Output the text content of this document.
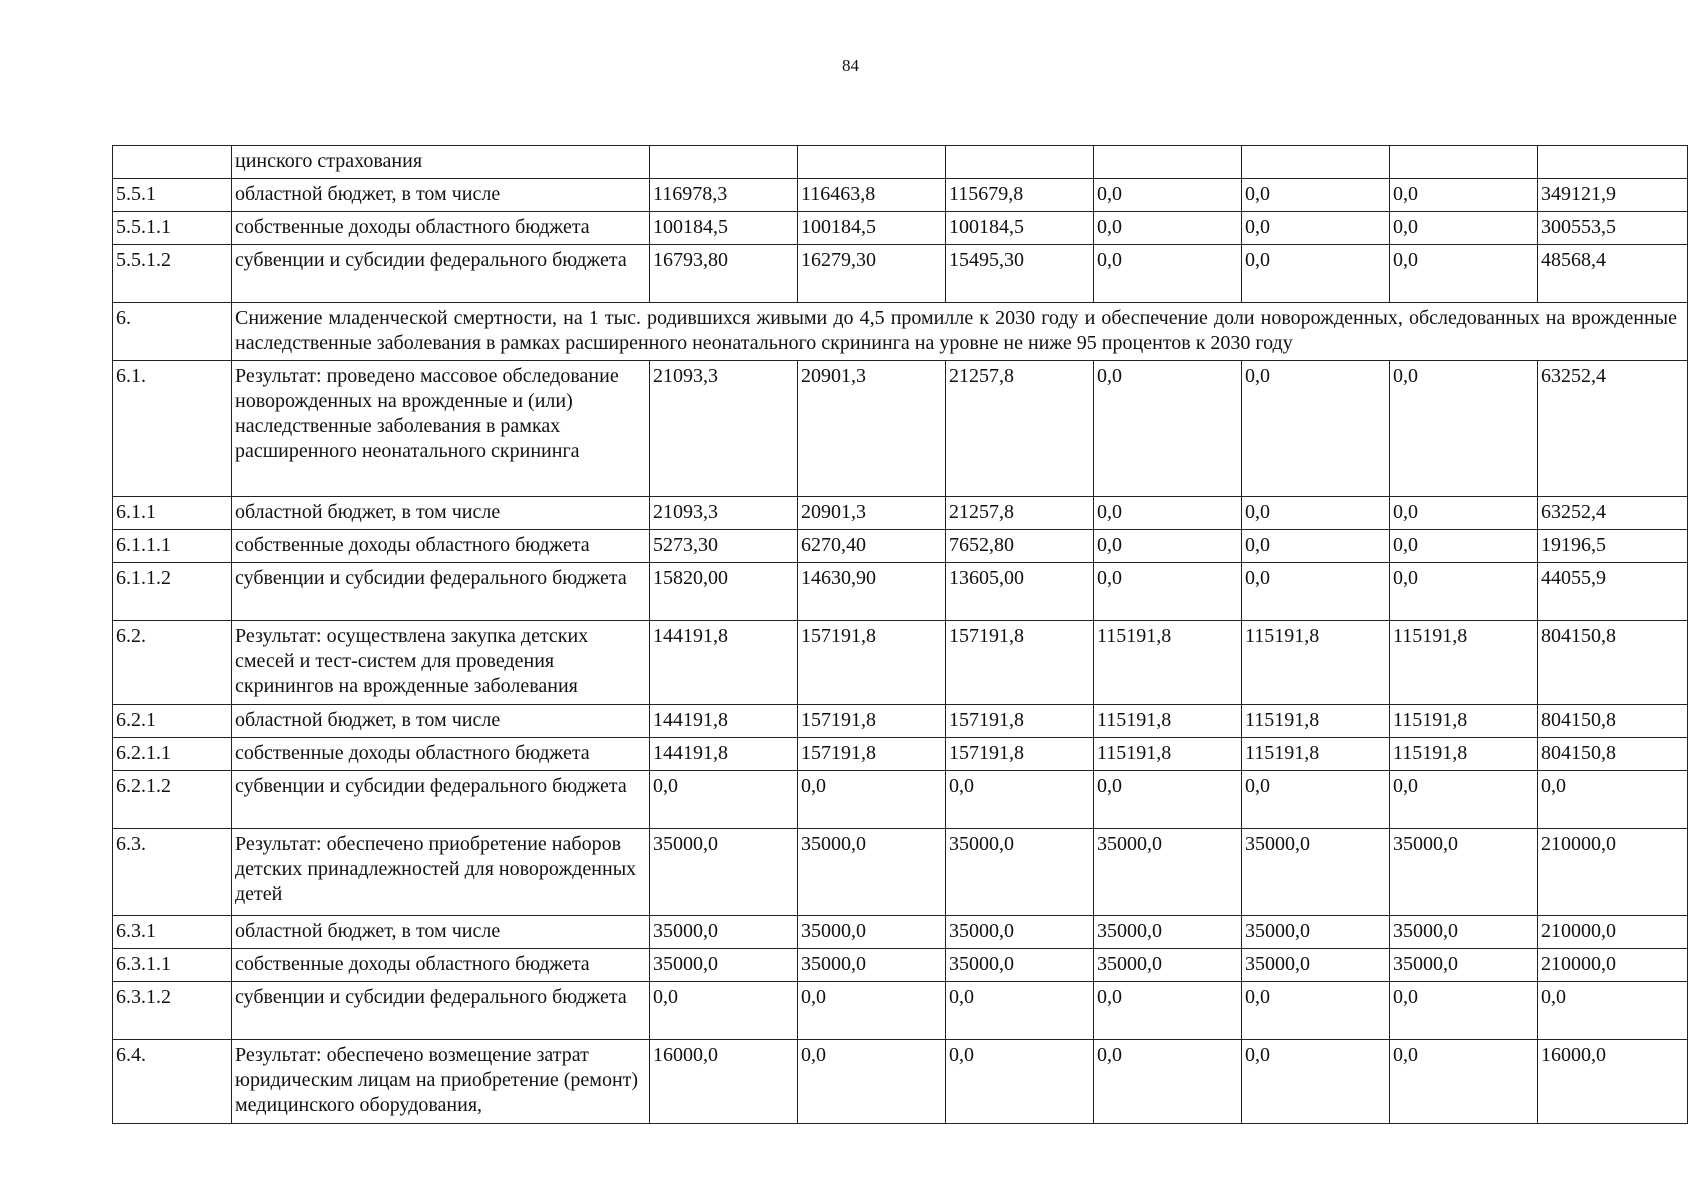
84
	цинского страхования							
5.5.1	областной бюджет, в том числе	116978,3	116463,8	115679,8	0,0	0,0	0,0	349121,9
5.5.1.1	собственные доходы областного бюджета	100184,5	100184,5	100184,5	0,0	0,0	0,0	300553,5
5.5.1.2	субвенции и субсидии федерального бюджета	16793,80	16279,30	15495,30	0,0	0,0	0,0	48568,4
6.	Снижение младенческой смертности, на 1 тыс. родившихся живыми до 4,5 промилле к 2030 году и обеспечение доли новорожденных, обследованных на врожденные наследственные заболевания в рамках расширенного неонатального скрининга на уровне не ниже 95 процентов к 2030 году							
6.1.	Результат: проведено массовое обследование новорожденных на врожденные и (или) наследственные заболевания в рамках расширенного неонатального скрининга	21093,3	20901,3	21257,8	0,0	0,0	0,0	63252,4
6.1.1	областной бюджет, в том числе	21093,3	20901,3	21257,8	0,0	0,0	0,0	63252,4
6.1.1.1	собственные доходы областного бюджета	5273,30	6270,40	7652,80	0,0	0,0	0,0	19196,5
6.1.1.2	субвенции и субсидии федерального бюджета	15820,00	14630,90	13605,00	0,0	0,0	0,0	44055,9
6.2.	Результат: осуществлена закупка детских смесей и тест-систем для проведения скринингов на врожденные заболевания	144191,8	157191,8	157191,8	115191,8	115191,8	115191,8	804150,8
6.2.1	областной бюджет, в том числе	144191,8	157191,8	157191,8	115191,8	115191,8	115191,8	804150,8
6.2.1.1	собственные доходы областного бюджета	144191,8	157191,8	157191,8	115191,8	115191,8	115191,8	804150,8
6.2.1.2	субвенции и субсидии федерального бюджета	0,0	0,0	0,0	0,0	0,0	0,0	0,0
6.3.	Результат: обеспечено приобретение наборов детских принадлежностей для новорожденных детей	35000,0	35000,0	35000,0	35000,0	35000,0	35000,0	210000,0
6.3.1	областной бюджет, в том числе	35000,0	35000,0	35000,0	35000,0	35000,0	35000,0	210000,0
6.3.1.1	собственные доходы областного бюджета	35000,0	35000,0	35000,0	35000,0	35000,0	35000,0	210000,0
6.3.1.2	субвенции и субсидии федерального бюджета	0,0	0,0	0,0	0,0	0,0	0,0	0,0
6.4.	Результат: обеспечено возмещение затрат юридическим лицам на приобретение (ремонт) медицинского оборудования,	16000,0	0,0	0,0	0,0	0,0	0,0	16000,0
